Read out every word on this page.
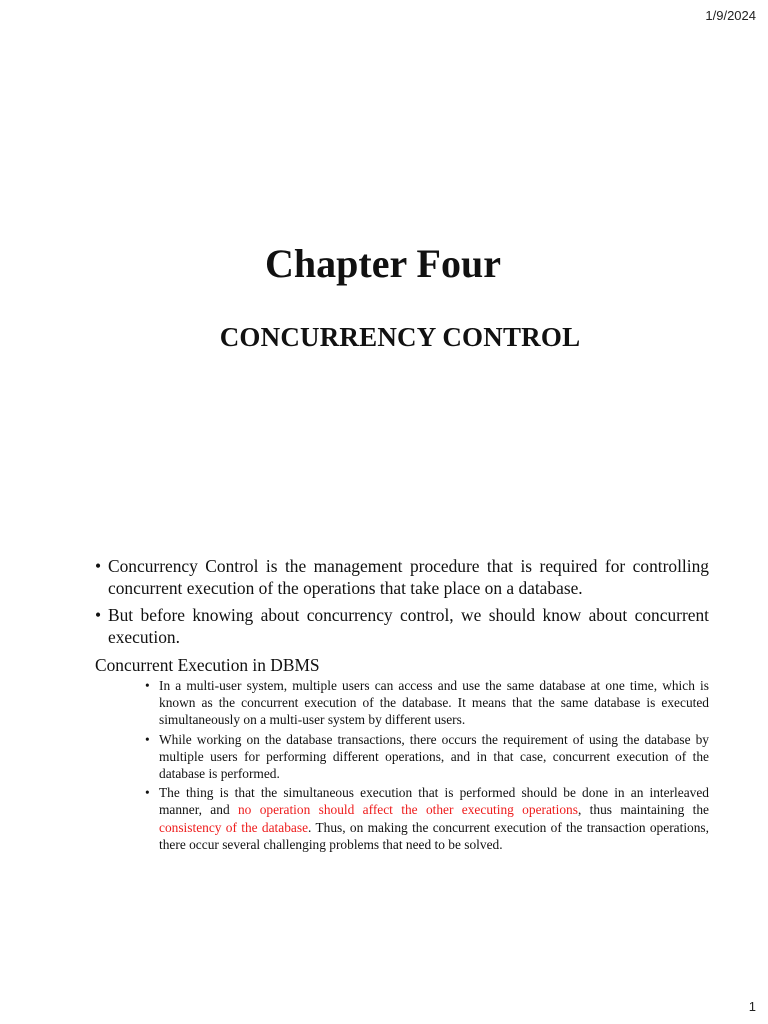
1/9/2024
Chapter Four
CONCURRENCY CONTROL

• Concurrency Control is the management procedure that is required for controlling concurrent execution of the operations that take place on a database.

• But before knowing about concurrency control, we should know about concurrent execution.

Concurrent Execution in DBMS
• In a multi-user system, multiple users can access and use the same database at one time, which is known as the concurrent execution of the database. It means that the same database is executed simultaneously on a multi-user system by different users.
• While working on the database transactions, there occurs the requirement of using the database by multiple users for performing different operations, and in that case, concurrent execution of the database is performed.
• The thing is that the simultaneous execution that is performed should be done in an interleaved manner, and no operation should affect the other executing operations, thus maintaining the consistency of the database. Thus, on making the concurrent execution of the transaction operations, there occur several challenging problems that need to be solved.
1
